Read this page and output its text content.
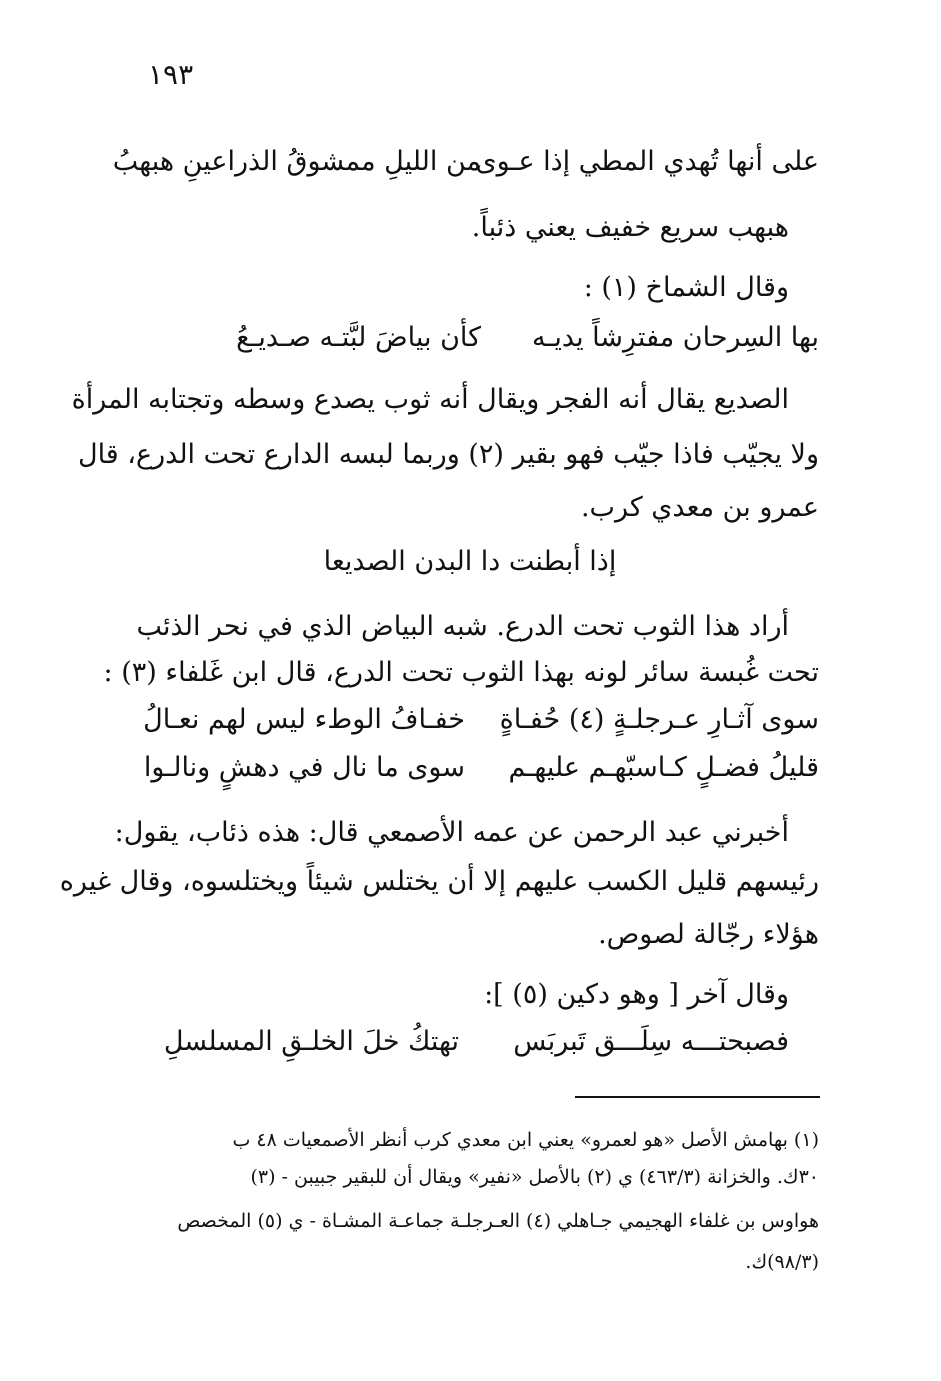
١٩٣
على أنها تُهدي المطي إذا عـوى
من الليلِ ممشوقُ الذراعينِ هبهبُ
هبهب سريع خفيف يعني ذئباً.
وقال الشماخ (١) :
بها السِرحان مفترِشاً يديـه
كأن بياضَ لبَّتـه صـديـعُ
الصديع يقال أنه الفجر ويقال أنه ثوب يصدع وسطه وتجتابه المرأة
ولا يجيّب فاذا جيّب فهو بقير (٢) وربما لبسه الدارع تحت الدرع، قال
عمرو بن معدي كرب.
إذا أبطنت دا البدن الصديعا
أراد هذا الثوب تحت الدرع. شبه البياض الذي في نحر الذئب
تحت غُبسة سائر لونه بهذا الثوب تحت الدرع، قال ابن غَلفاء (٣) :
سوى آثـارِ عـرجلـةٍ (٤) حُفـاةٍ
خفـافُ الوطء ليس لهم نعـالُ
قليلُ فضـلٍ كـاسبّهـم عليهـم
سوى ما نال في دهشٍ ونالـوا
أخبرني عبد الرحمن عن عمه الأصمعي قال: هذه ذئاب، يقول:
رئيسهم قليل الكسب عليهم إلا أن يختلس شيئاً ويختلسوه، وقال غيره
هؤلاء رجّالة لصوص.
وقال آخر [ وهو دكين (٥) ]:
فصبحتـــه سِلَـــق تَبربَس
تهتكُ خلَ الخلـقِ المسلسلِ
(١) بهامش الأصل «هو لعمرو» يعني ابن معدي كرب أنظر الأصمعيات ٤٨ ب
٣٠ك. والخزانة (٤٦٣/٣) ي (٢) بالأصل «نفير» ويقال أن للبقير جبيبن - (٣)
هواوس بن غلفاء الهجيمي جـاهلي (٤) العـرجلـة جماعـة المشـاة - ي (٥) المخصص
(٩٨/٣)ك.
